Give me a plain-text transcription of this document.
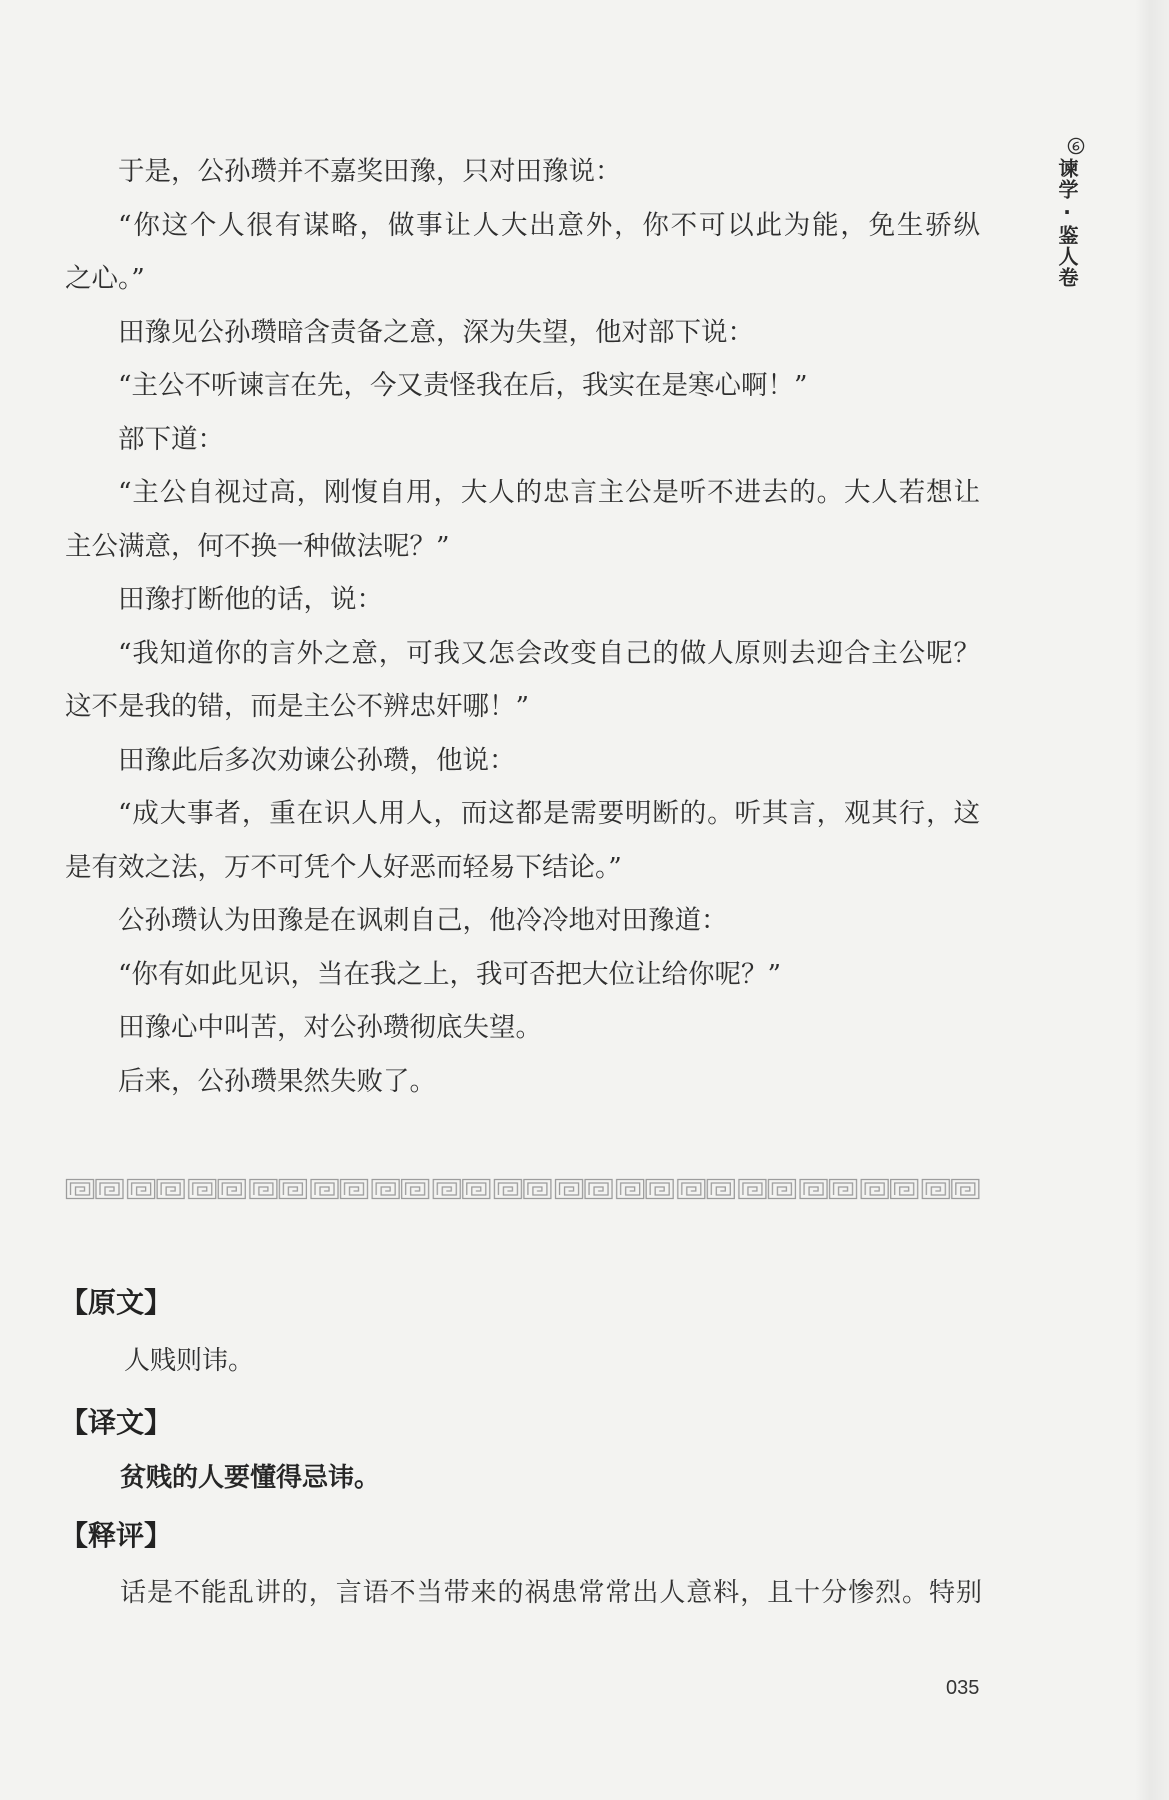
谏学·鉴人卷
于是，公孙瓒并不嘉奖田豫，只对田豫说：
“你这个人很有谋略，做事让人大出意外，你不可以此为能，免生骄纵
之心。”
田豫见公孙瓒暗含责备之意，深为失望，他对部下说：
“主公不听谏言在先，今又责怪我在后，我实在是寒心啊！”
部下道：
“主公自视过高，刚愎自用，大人的忠言主公是听不进去的。大人若想让
主公满意，何不换一种做法呢？”
田豫打断他的话，说：
“我知道你的言外之意，可我又怎会改变自己的做人原则去迎合主公呢？
这不是我的错，而是主公不辨忠奸哪！”
田豫此后多次劝谏公孙瓒，他说：
“成大事者，重在识人用人，而这都是需要明断的。听其言，观其行，这
是有效之法，万不可凭个人好恶而轻易下结论。”
公孙瓒认为田豫是在讽刺自己，他冷冷地对田豫道：
“你有如此见识，当在我之上，我可否把大位让给你呢？”
田豫心中叫苦，对公孙瓒彻底失望。
后来，公孙瓒果然失败了。
【原文】
人贱则讳。
【译文】
贫贱的人要懂得忌讳。
【释评】
话是不能乱讲的，言语不当带来的祸患常常出人意料，且十分惨烈。特别
035
